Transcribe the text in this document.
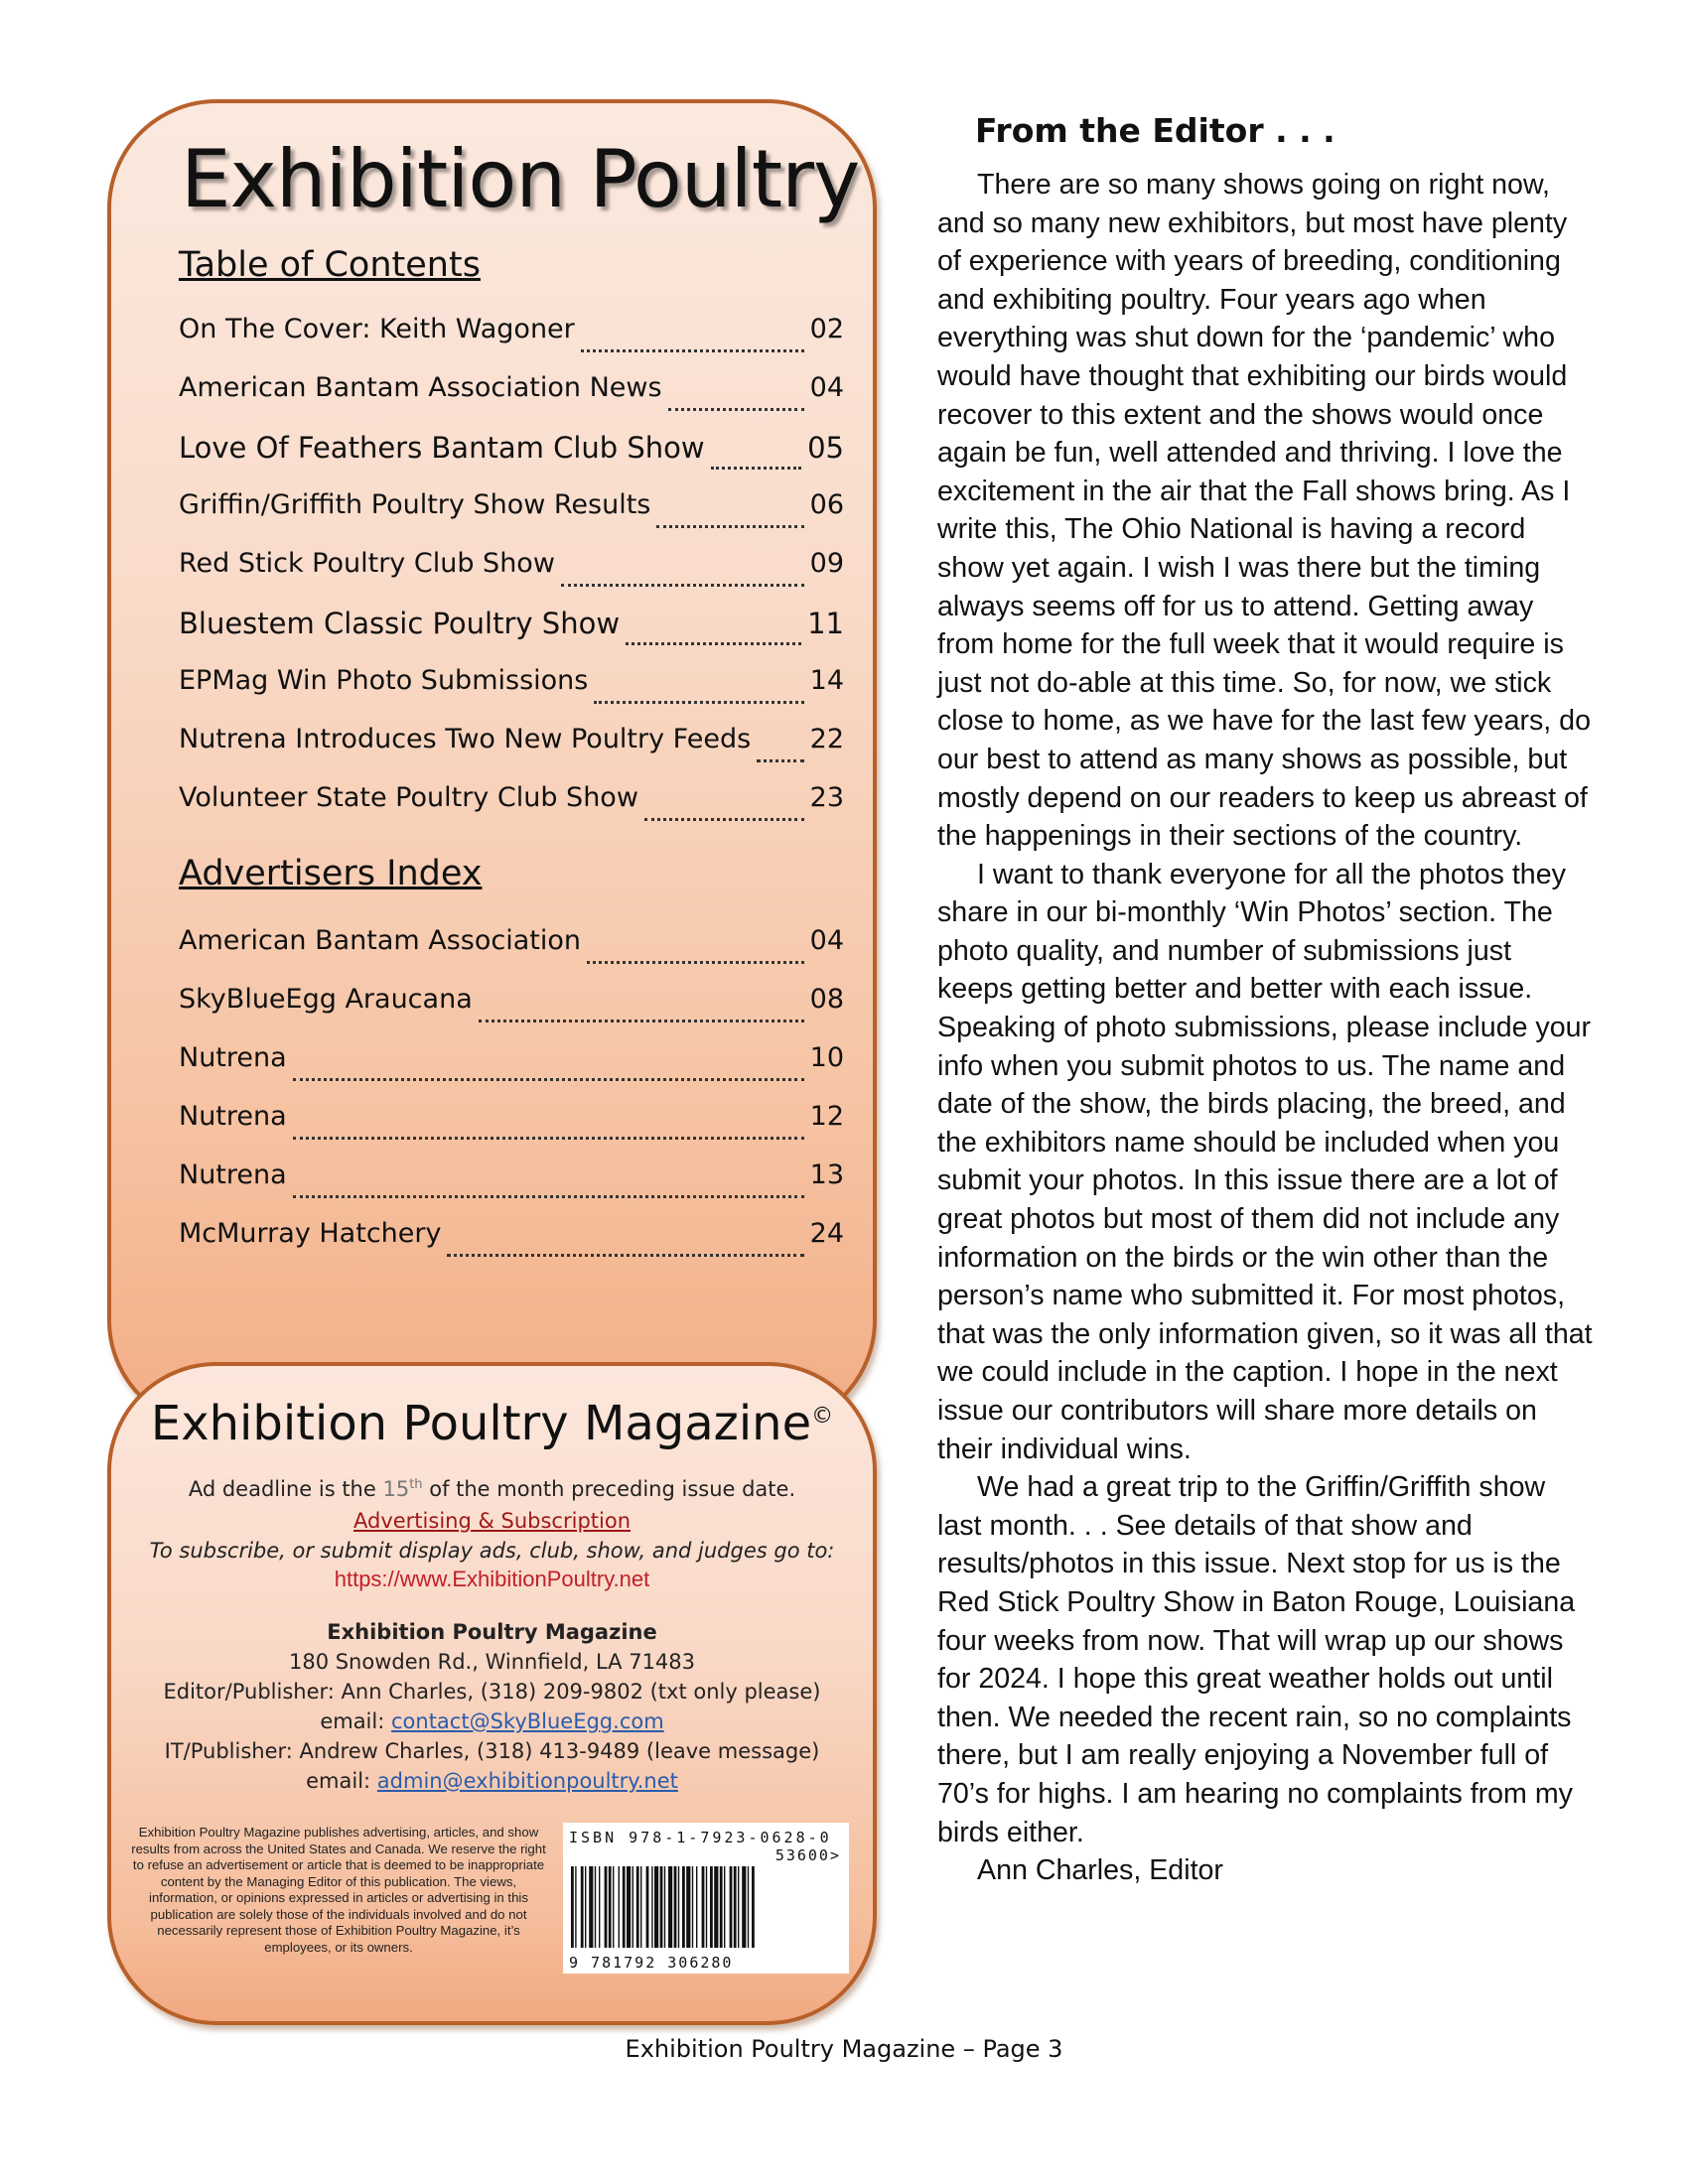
Exhibition Poultry
Table of Contents
On The Cover: Keith Wagoner	02
American Bantam Association News	04
Love Of Feathers Bantam Club Show	05
Griffin/Griffith Poultry Show Results	06
Red Stick Poultry Club Show	09
Bluestem Classic Poultry Show	11
EPMag Win Photo Submissions	14
Nutrena Introduces Two New Poultry Feeds 22
Volunteer State Poultry Club Show	23
Advertisers Index
American Bantam Association	04
SkyBlueEgg Araucana	08
Nutrena	10
Nutrena	12
Nutrena	13
McMurray Hatchery	24
Exhibition Poultry Magazine©
Ad deadline is the 15th of the month preceding issue date.
Advertising & Subscription
To subscribe, or submit display ads, club, show, and judges go to:
https://www.ExhibitionPoultry.net
Exhibition Poultry Magazine
180 Snowden Rd., Winnfield, LA 71483
Editor/Publisher: Ann Charles, (318) 209-9802 (txt only please)
email: contact@SkyBlueEgg.com
IT/Publisher: Andrew Charles, (318) 413-9489 (leave message)
email: admin@exhibitionpoultry.net
Exhibition Poultry Magazine publishes advertising, articles, and show results from across the United States and Canada. We reserve the right to refuse an advertisement or article that is deemed to be inappropriate content by the Managing Editor of this publication. The views, information, or opinions expressed in articles or advertising in this publication are solely those of the individuals involved and do not necessarily represent those of Exhibition Poultry Magazine, it’s employees, or its owners.
ISBN 978-1-7923-0628-0
53600>
9 781792 306280
From the Editor . . .

There are so many shows going on right now, and so many new exhibitors, but most have plenty of experience with years of breeding, conditioning and exhibiting poultry. Four years ago when everything was shut down for the ‘pandemic’ who would have thought that exhibiting our birds would recover to this extent and the shows would once again be fun, well attended and thriving. I love the excitement in the air that the Fall shows bring. As I write this, The Ohio National is having a record show yet again. I wish I was there but the timing always seems off for us to attend. Getting away from home for the full week that it would require is just not do-able at this time. So, for now, we stick close to home, as we have for the last few years, do our best to attend as many shows as possible, but mostly depend on our readers to keep us abreast of the happenings in their sections of the country.

I want to thank everyone for all the photos they share in our bi-monthly ‘Win Photos’ section. The photo quality, and number of submissions just keeps getting better and better with each issue. Speaking of photo submissions, please include your info when you submit photos to us. The name and date of the show, the birds placing, the breed, and the exhibitors name should be included when you submit your photos. In this issue there are a lot of great photos but most of them did not include any information on the birds or the win other than the person’s name who submitted it. For most photos, that was the only information given, so it was all that we could include in the caption. I hope in the next issue our contributors will share more details on their individual wins.

We had a great trip to the Griffin/Griffith show last month. . . See details of that show and results/photos in this issue. Next stop for us is the Red Stick Poultry Show in Baton Rouge, Louisiana four weeks from now. That will wrap up our shows for 2024. I hope this great weather holds out until then. We needed the recent rain, so no complaints there, but I am really enjoying a November full of 70’s for highs. I am hearing no complaints from my birds either.

Ann Charles, Editor
Exhibition Poultry Magazine – Page 3
